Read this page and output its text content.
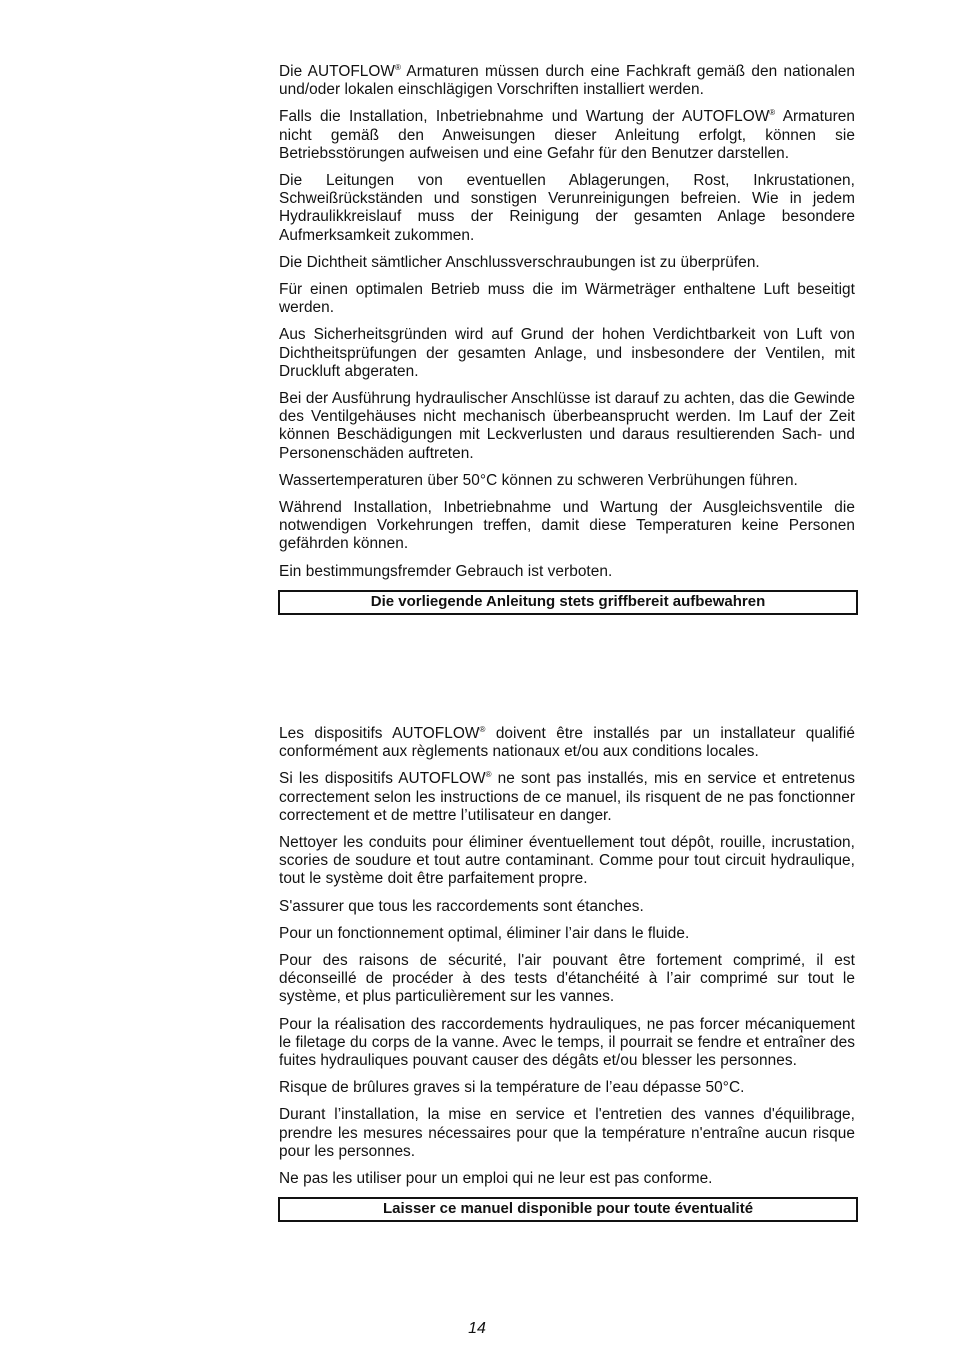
Die AUTOFLOW® Armaturen müssen durch eine Fachkraft gemäß den nationalen und/oder lokalen einschlägigen Vorschriften installiert werden.

Falls die Installation, Inbetriebnahme und Wartung der AUTOFLOW® Armaturen nicht gemäß den Anweisungen dieser Anleitung erfolgt, können sie Betriebsstörungen aufweisen und eine Gefahr für den Benutzer darstellen.

Die Leitungen von eventuellen Ablagerungen, Rost, Inkrustationen, Schweißrückständen und sonstigen Verunreinigungen befreien. Wie in jedem Hydraulikkreislauf muss der Reinigung der gesamten Anlage besondere Aufmerksamkeit zukommen.

Die Dichtheit sämtlicher Anschlussverschraubungen ist zu überprüfen.

Für einen optimalen Betrieb muss die im Wärmeträger enthaltene Luft beseitigt werden.

Aus Sicherheitsgründen wird auf Grund der hohen Verdichtbarkeit von Luft von Dichtheitsprüfungen der gesamten Anlage, und insbesondere der Ventilen, mit Druckluft abgeraten.

Bei der Ausführung hydraulischer Anschlüsse ist darauf zu achten, das die Gewinde des Ventilgehäuses nicht mechanisch überbeansprucht werden. Im Lauf der Zeit können Beschädigungen mit Leckverlusten und daraus resultierenden Sach- und Personenschäden auftreten.

Wassertemperaturen über 50°C können zu schweren Verbrühungen führen.

Während Installation, Inbetriebnahme und Wartung der Ausgleichsventile die notwendigen Vorkehrungen treffen, damit diese Temperaturen keine Personen gefährden können.

Ein bestimmungsfremder Gebrauch ist verboten.

Die vorliegende Anleitung stets griffbereit aufbewahren

Les dispositifs AUTOFLOW® doivent être installés par un installateur qualifié conformément aux règlements nationaux et/ou aux conditions locales.

Si les dispositifs AUTOFLOW® ne sont pas installés, mis en service et entretenus correctement selon les instructions de ce manuel, ils risquent de ne pas fonctionner correctement et de mettre l’utilisateur en danger.

Nettoyer les conduits pour éliminer éventuellement tout dépôt, rouille, incrustation, scories de soudure et tout autre contaminant. Comme pour tout circuit hydraulique, tout le système doit être parfaitement propre.

S'assurer que tous les raccordements sont étanches.

Pour un fonctionnement optimal, éliminer l’air dans le fluide.

Pour des raisons de sécurité, l'air pouvant être fortement comprimé, il est déconseillé de procéder à des tests d'étanchéité à l’air comprimé sur tout le système, et plus particulièrement sur les vannes.

Pour la réalisation des raccordements hydrauliques, ne pas forcer mécaniquement le filetage du corps de la vanne. Avec le temps, il pourrait se fendre et entraîner des fuites hydrauliques pouvant causer des dégâts et/ou blesser les personnes.

Risque de brûlures graves si la température de l’eau dépasse 50°C.

Durant l’installation, la mise en service et l'entretien des vannes d'équilibrage, prendre les mesures nécessaires pour que la température n'entraîne aucun risque pour les personnes.

Ne pas les utiliser pour un emploi qui ne leur est pas conforme.

Laisser ce manuel disponible pour toute éventualité
14
